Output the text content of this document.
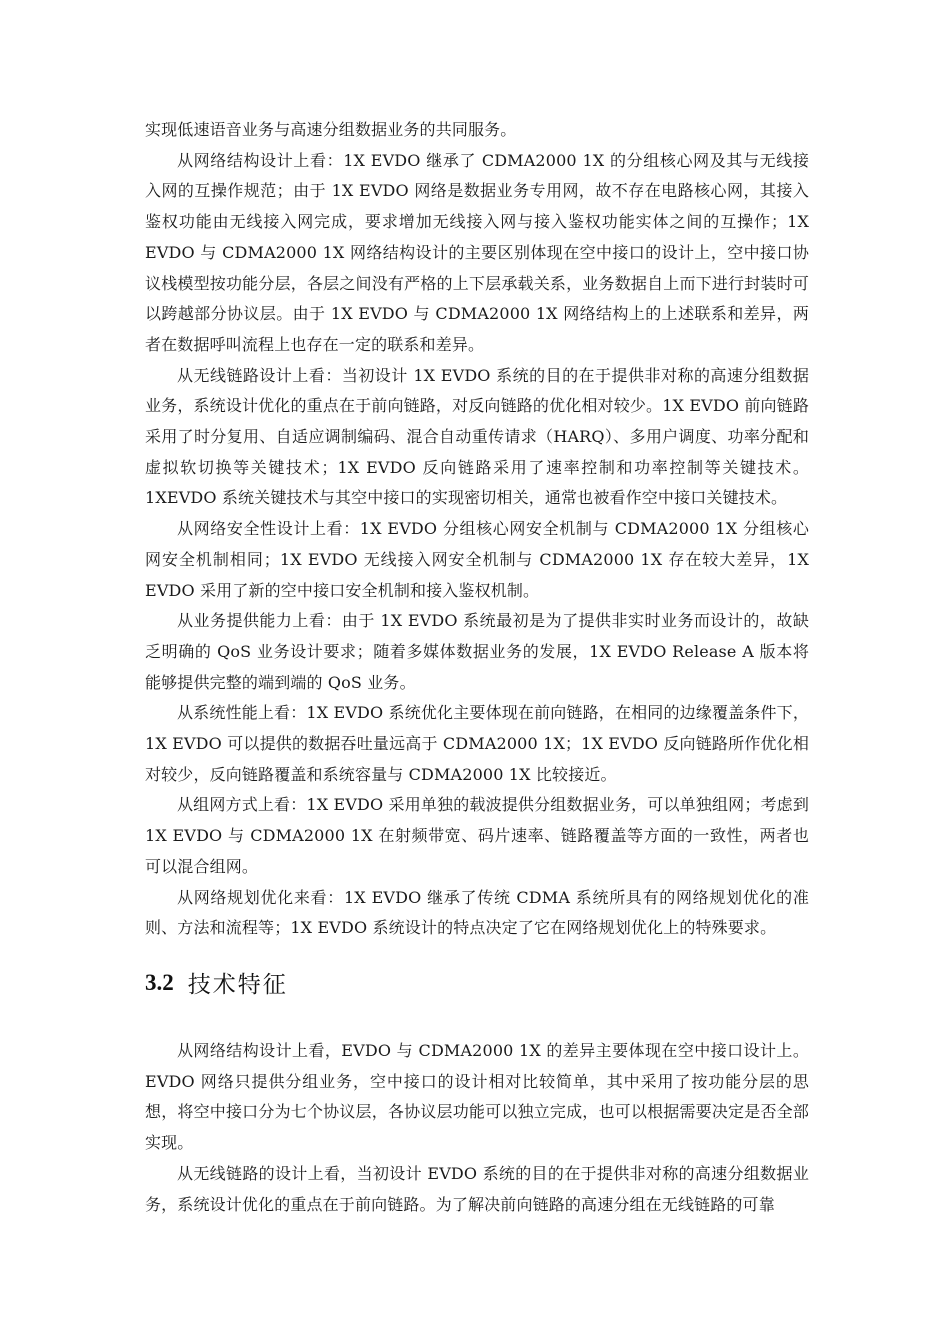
实现低速语音业务与高速分组数据业务的共同服务。

从网络结构设计上看：1X EVDO 继承了 CDMA2000 1X 的分组核心网及其与无线接入网的互操作规范；由于 1X EVDO 网络是数据业务专用网，故不存在电路核心网，其接入鉴权功能由无线接入网完成，要求增加无线接入网与接入鉴权功能实体之间的互操作；1X EVDO 与 CDMA2000 1X 网络结构设计的主要区别体现在空中接口的设计上，空中接口协议栈模型按功能分层，各层之间没有严格的上下层承载关系，业务数据自上而下进行封装时可以跨越部分协议层。由于 1X EVDO 与 CDMA2000 1X 网络结构上的上述联系和差异，两者在数据呼叫流程上也存在一定的联系和差异。

从无线链路设计上看：当初设计 1X EVDO 系统的目的在于提供非对称的高速分组数据业务，系统设计优化的重点在于前向链路，对反向链路的优化相对较少。1X EVDO 前向链路采用了时分复用、自适应调制编码、混合自动重传请求（HARQ）、多用户调度、功率分配和虚拟软切换等关键技术；1X EVDO 反向链路采用了速率控制和功率控制等关键技术。1XEVDO 系统关键技术与其空中接口的实现密切相关，通常也被看作空中接口关键技术。

从网络安全性设计上看：1X EVDO 分组核心网安全机制与 CDMA2000 1X 分组核心网安全机制相同；1X EVDO 无线接入网安全机制与 CDMA2000 1X 存在较大差异，1X EVDO 采用了新的空中接口安全机制和接入鉴权机制。

从业务提供能力上看：由于 1X EVDO 系统最初是为了提供非实时业务而设计的，故缺乏明确的 QoS 业务设计要求；随着多媒体数据业务的发展，1X EVDO Release A 版本将能够提供完整的端到端的 QoS 业务。

从系统性能上看：1X EVDO 系统优化主要体现在前向链路，在相同的边缘覆盖条件下，1X EVDO 可以提供的数据吞吐量远高于 CDMA2000 1X；1X EVDO 反向链路所作优化相对较少，反向链路覆盖和系统容量与 CDMA2000 1X 比较接近。

从组网方式上看：1X EVDO 采用单独的载波提供分组数据业务，可以单独组网；考虑到 1X EVDO 与 CDMA2000 1X 在射频带宽、码片速率、链路覆盖等方面的一致性，两者也可以混合组网。

从网络规划优化来看：1X EVDO 继承了传统 CDMA 系统所具有的网络规划优化的准则、方法和流程等；1X EVDO 系统设计的特点决定了它在网络规划优化上的特殊要求。

3.2 技术特征

从网络结构设计上看，EVDO 与 CDMA2000 1X 的差异主要体现在空中接口设计上。EVDO 网络只提供分组业务，空中接口的设计相对比较简单，其中采用了按功能分层的思想，将空中接口分为七个协议层，各协议层功能可以独立完成，也可以根据需要决定是否全部实现。

从无线链路的设计上看，当初设计 EVDO 系统的目的在于提供非对称的高速分组数据业务，系统设计优化的重点在于前向链路。为了解决前向链路的高速分组在无线链路的可靠
